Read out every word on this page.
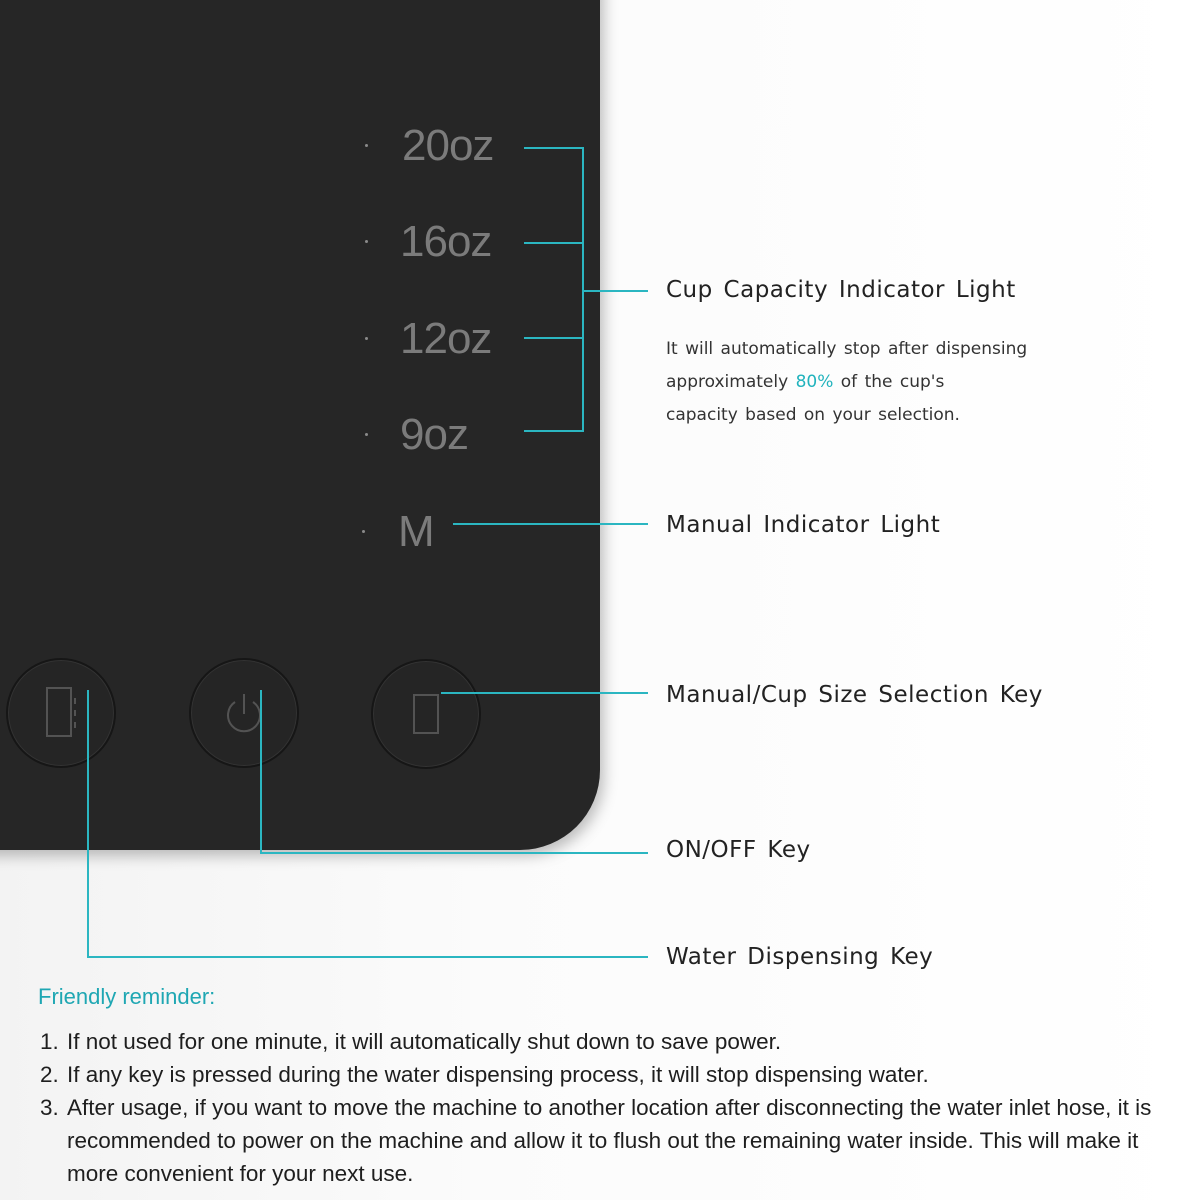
20oz
16oz
12oz
9oz
M
Cup Capacity Indicator Light
It will automatically stop after dispensing
approximately 80% of the cup's
capacity based on your selection.
Manual Indicator Light
Manual/Cup Size Selection Key
ON/OFF Key
Water Dispensing Key
Friendly reminder:
1. If not used for one minute, it will automatically shut down to save power.
2. If any key is pressed during the water dispensing process, it will stop dispensing water.
3. After usage, if you want to move the machine to another location after disconnecting the water inlet hose, it is recommended to power on the machine and allow it to flush out the remaining water inside. This will make it more convenient for your next use.
